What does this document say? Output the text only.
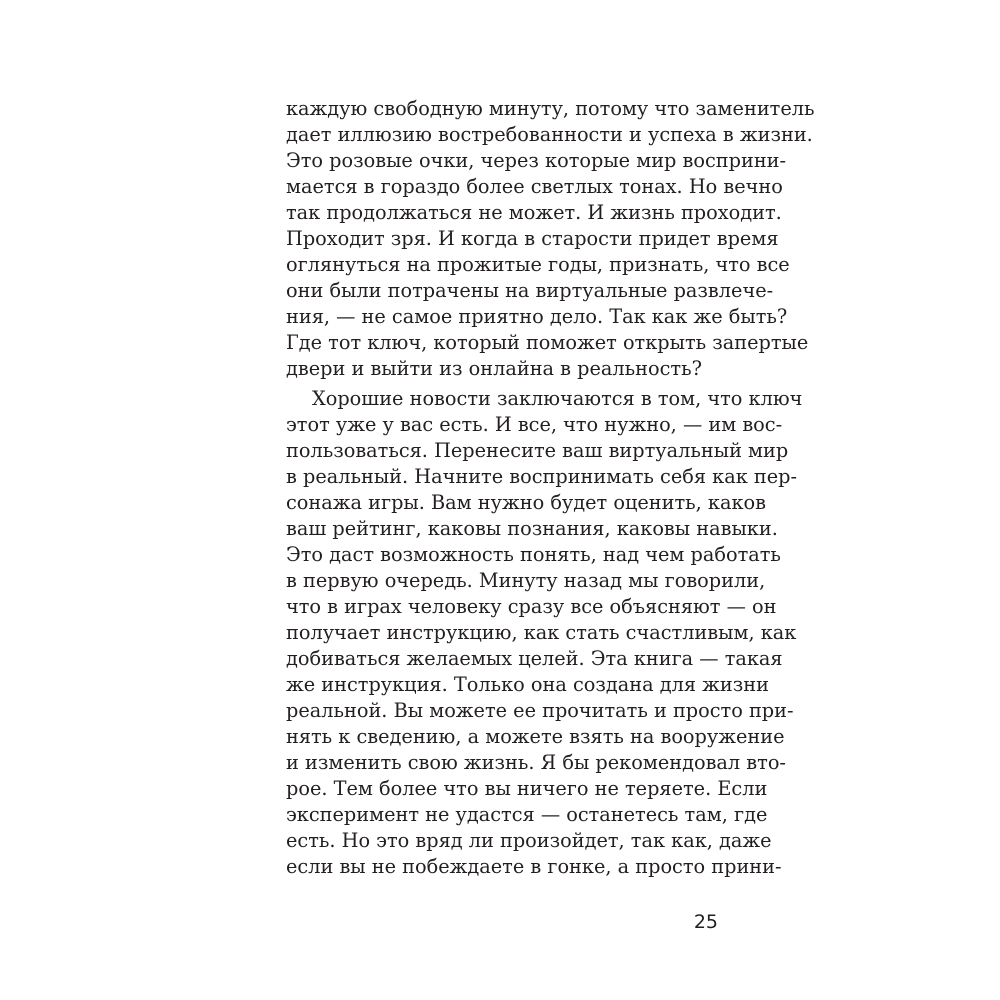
каждую свободную минуту, потому что заменитель
дает иллюзию востребованности и успеха в жизни.
Это розовые очки, через которые мир восприни-
мается в гораздо более светлых тонах. Но вечно
так продолжаться не может. И жизнь проходит.
Проходит зря. И когда в старости придет время
оглянуться на прожитые годы, признать, что все
они были потрачены на виртуальные развлече-
ния, — не самое приятно дело. Так как же быть?
Где тот ключ, который поможет открыть запертые
двери и выйти из онлайна в реальность?
Хорошие новости заключаются в том, что ключ
этот уже у вас есть. И все, что нужно, — им вос-
пользоваться. Перенесите ваш виртуальный мир
в реальный. Начните воспринимать себя как пер-
сонажа игры. Вам нужно будет оценить, каков
ваш рейтинг, каковы познания, каковы навыки.
Это даст возможность понять, над чем работать
в первую очередь. Минуту назад мы говорили,
что в играх человеку сразу все объясняют — он
получает инструкцию, как стать счастливым, как
добиваться желаемых целей. Эта книга — такая
же инструкция. Только она создана для жизни
реальной. Вы можете ее прочитать и просто при-
нять к сведению, а можете взять на вооружение
и изменить свою жизнь. Я бы рекомендовал вто-
рое. Тем более что вы ничего не теряете. Если
эксперимент не удастся — останетесь там, где
есть. Но это вряд ли произойдет, так как, даже
если вы не побеждаете в гонке, а просто прини-
25
